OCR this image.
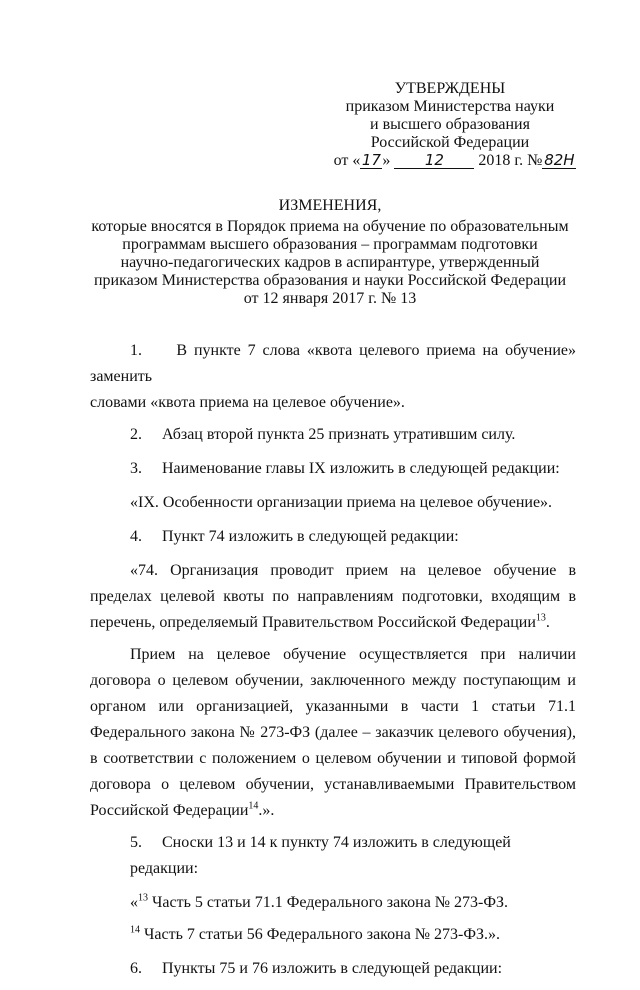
УТВЕРЖДЕНЫ
приказом Министерства науки
и высшего образования
Российской Федерации
от «17» 12 2018 г. № 82Н
ИЗМЕНЕНИЯ,
которые вносятся в Порядок приема на обучение по образовательным
программам высшего образования – программам подготовки
научно-педагогических кадров в аспирантуре, утвержденный
приказом Министерства образования и науки Российской Федерации
от 12 января 2017 г. № 13
1.     В пункте 7 слова «квота целевого приема на обучение» заменить
словами «квота приема на целевое обучение».
2. Абзац второй пункта 25 признать утратившим силу.
3. Наименование главы IX изложить в следующей редакции:
«IX. Особенности организации приема на целевое обучение».
4. Пункт 74 изложить в следующей редакции:
«74. Организация проводит прием на целевое обучение в пределах целевой квоты по направлениям подготовки, входящим в перечень, определяемый Правительством Российской Федерации$^{13}$.
Прием на целевое обучение осуществляется при наличии договора о целевом обучении, заключенного между поступающим и органом или организацией, указанными в части 1 статьи 71.1 Федерального закона № 273-ФЗ (далее – заказчик целевого обучения), в соответствии с положением о целевом обучении и типовой формой договора о целевом обучении, устанавливаемыми Правительством Российской Федерации$^{14}$.».
5. Сноски 13 и 14 к пункту 74 изложить в следующей редакции:
«$^{13}$ Часть 5 статьи 71.1 Федерального закона № 273-ФЗ.
$^{14}$ Часть 7 статьи 56 Федерального закона № 273-ФЗ.».
6. Пункты 75 и 76 изложить в следующей редакции:
